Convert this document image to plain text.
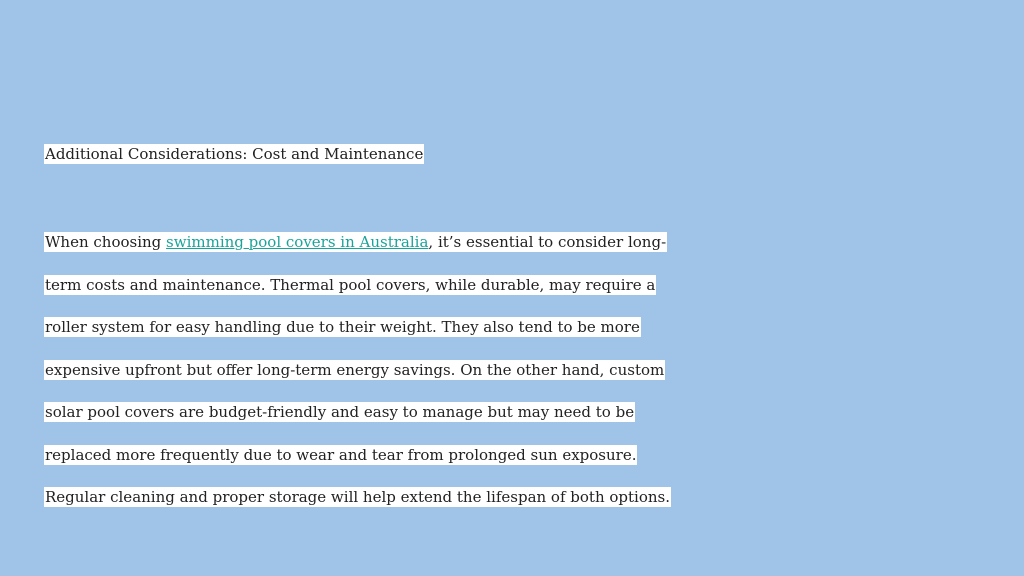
Additional Considerations: Cost and Maintenance
When choosing swimming pool covers in Australia, it’s essential to consider long-
term costs and maintenance. Thermal pool covers, while durable, may require a
roller system for easy handling due to their weight. They also tend to be more
expensive upfront but offer long-term energy savings. On the other hand, custom
solar pool covers are budget-friendly and easy to manage but may need to be
replaced more frequently due to wear and tear from prolonged sun exposure.
Regular cleaning and proper storage will help extend the lifespan of both options.
